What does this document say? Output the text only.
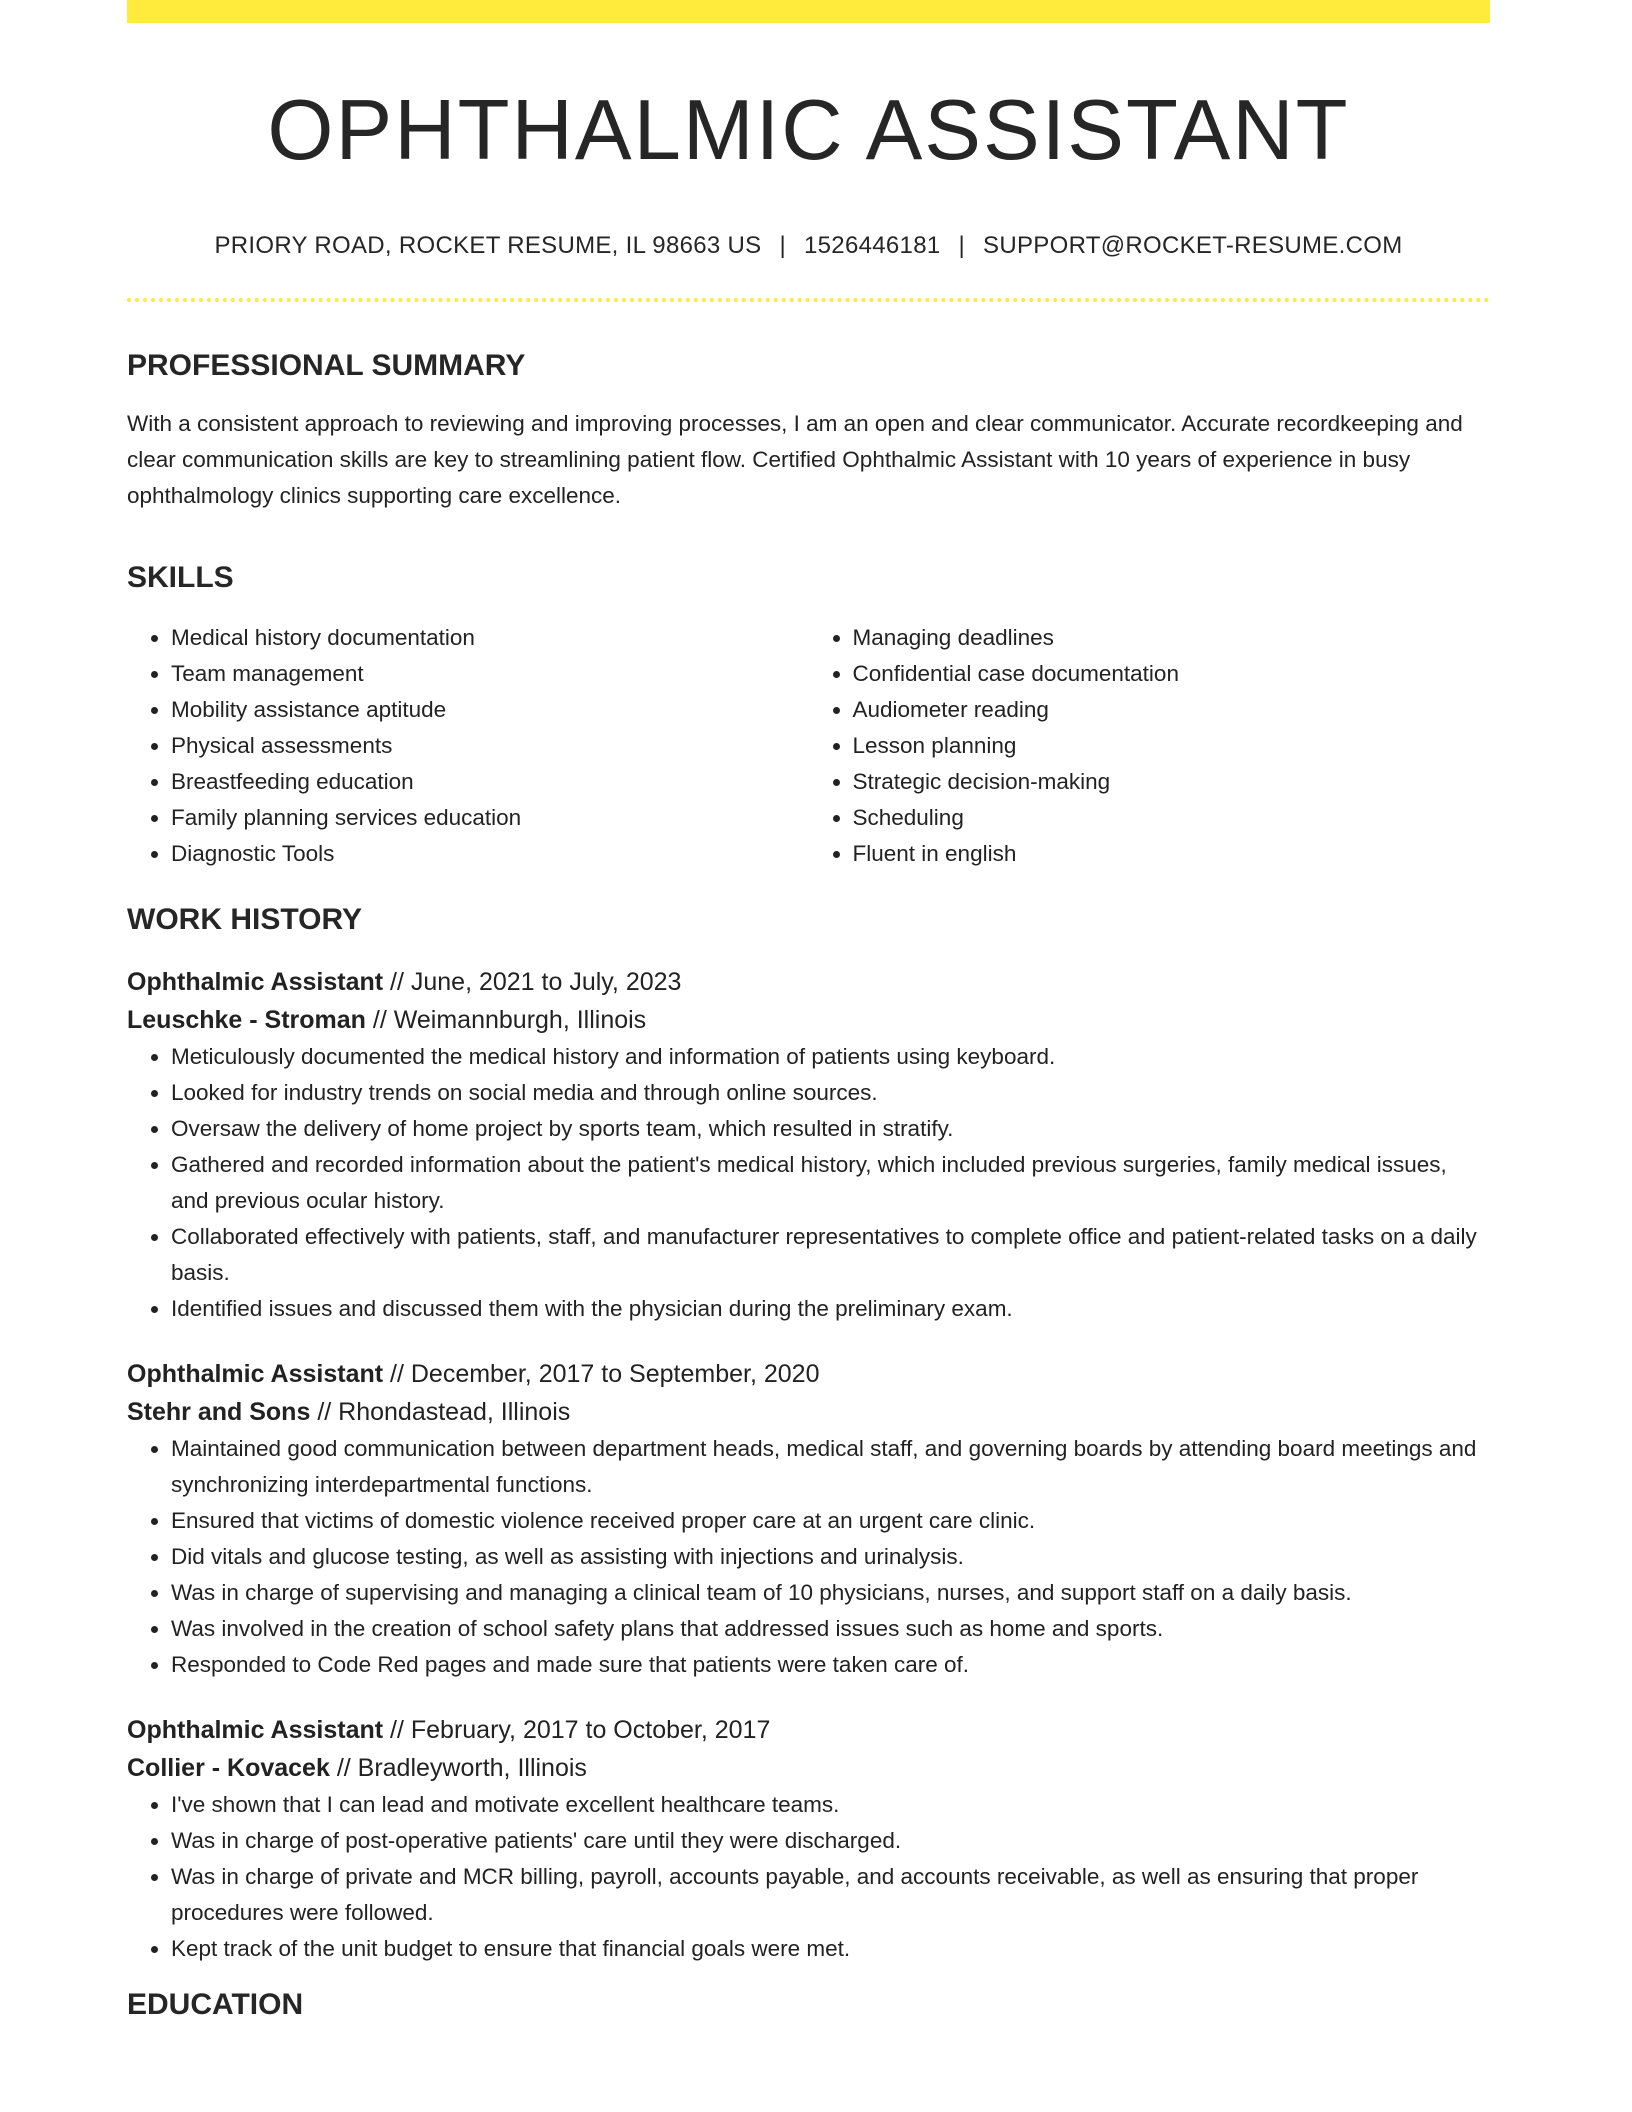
OPHTHALMIC ASSISTANT
PRIORY ROAD, ROCKET RESUME, IL 98663 US | 1526446181 | SUPPORT@ROCKET-RESUME.COM
PROFESSIONAL SUMMARY

With a consistent approach to reviewing and improving processes, I am an open and clear communicator. Accurate recordkeeping and clear communication skills are key to streamlining patient flow. Certified Ophthalmic Assistant with 10 years of experience in busy ophthalmology clinics supporting care excellence.

SKILLS
• Medical history documentation
• Team management
• Mobility assistance aptitude
• Physical assessments
• Breastfeeding education
• Family planning services education
• Diagnostic Tools
• Managing deadlines
• Confidential case documentation
• Audiometer reading
• Lesson planning
• Strategic decision-making
• Scheduling
• Fluent in english
WORK HISTORY
Ophthalmic Assistant // June, 2021 to July, 2023
Leuschke - Stroman // Weimannburgh, Illinois
• Meticulously documented the medical history and information of patients using keyboard.
• Looked for industry trends on social media and through online sources.
• Oversaw the delivery of home project by sports team, which resulted in stratify.
• Gathered and recorded information about the patient's medical history, which included previous surgeries, family medical issues, and previous ocular history.
• Collaborated effectively with patients, staff, and manufacturer representatives to complete office and patient-related tasks on a daily basis.
• Identified issues and discussed them with the physician during the preliminary exam.
Ophthalmic Assistant // December, 2017 to September, 2020
Stehr and Sons // Rhondastead, Illinois
• Maintained good communication between department heads, medical staff, and governing boards by attending board meetings and synchronizing interdepartmental functions.
• Ensured that victims of domestic violence received proper care at an urgent care clinic.
• Did vitals and glucose testing, as well as assisting with injections and urinalysis.
• Was in charge of supervising and managing a clinical team of 10 physicians, nurses, and support staff on a daily basis.
• Was involved in the creation of school safety plans that addressed issues such as home and sports.
• Responded to Code Red pages and made sure that patients were taken care of.
Ophthalmic Assistant // February, 2017 to October, 2017
Collier - Kovacek // Bradleyworth, Illinois
• I've shown that I can lead and motivate excellent healthcare teams.
• Was in charge of post-operative patients' care until they were discharged.
• Was in charge of private and MCR billing, payroll, accounts payable, and accounts receivable, as well as ensuring that proper procedures were followed.
• Kept track of the unit budget to ensure that financial goals were met.
EDUCATION
